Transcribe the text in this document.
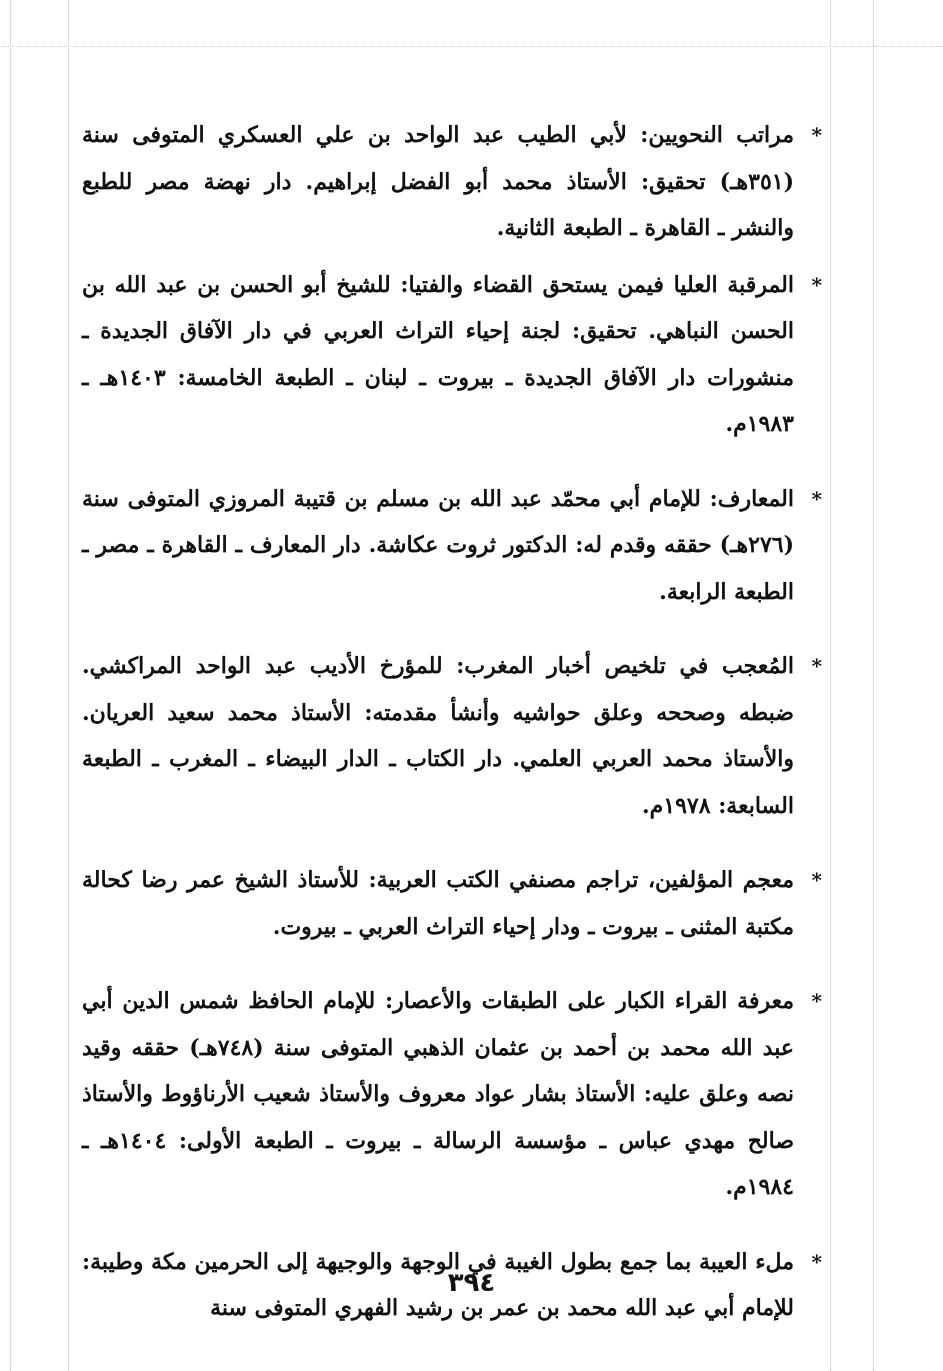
*
مراتب النحويين: لأبي الطيب عبد الواحد بن علي العسكري المتوفى سنة (٣٥١هـ) تحقيق: الأستاذ محمد أبو الفضل إبراهيم. دار نهضة مصر للطبع والنشر ـ القاهرة ـ الطبعة الثانية.
*
المرقبة العليا فيمن يستحق القضاء والفتيا: للشيخ أبو الحسن بن عبد الله بن الحسن النباهي. تحقيق: لجنة إحياء التراث العربي في دار الآفاق الجديدة ـ منشورات دار الآفاق الجديدة ـ بيروت ـ لبنان ـ الطبعة الخامسة: ١٤٠٣هـ ـ ١٩٨٣م.
*
المعارف: للإمام أبي محمّد عبد الله بن مسلم بن قتيبة المروزي المتوفى سنة (٢٧٦هـ) حققه وقدم له: الدكتور ثروت عكاشة. دار المعارف ـ القاهرة ـ مصر ـ الطبعة الرابعة.
*
المُعجب في تلخيص أخبار المغرب: للمؤرخ الأديب عبد الواحد المراكشي. ضبطه وصححه وعلق حواشيه وأنشأ مقدمته: الأستاذ محمد سعيد العريان. والأستاذ محمد العربي العلمي. دار الكتاب ـ الدار البيضاء ـ المغرب ـ الطبعة السابعة: ١٩٧٨م.
*
معجم المؤلفين، تراجم مصنفي الكتب العربية: للأستاذ الشيخ عمر رضا كحالة مكتبة المثنى ـ بيروت ـ ودار إحياء التراث العربي ـ بيروت.
*
معرفة القراء الكبار على الطبقات والأعصار: للإمام الحافظ شمس الدين أبي عبد الله محمد بن أحمد بن عثمان الذهبي المتوفى سنة (٧٤٨هـ) حققه وقيد نصه وعلق عليه: الأستاذ بشار عواد معروف والأستاذ شعيب الأرناؤوط والأستاذ صالح مهدي عباس ـ مؤسسة الرسالة ـ بيروت ـ الطبعة الأولى: ١٤٠٤هـ ـ ١٩٨٤م.
*
ملء العيبة بما جمع بطول الغيبة في الوجهة والوجيهة إلى الحرمين مكة وطيبة: للإمام أبي عبد الله محمد بن عمر بن رشيد الفهري المتوفى سنة
٣٩٤
